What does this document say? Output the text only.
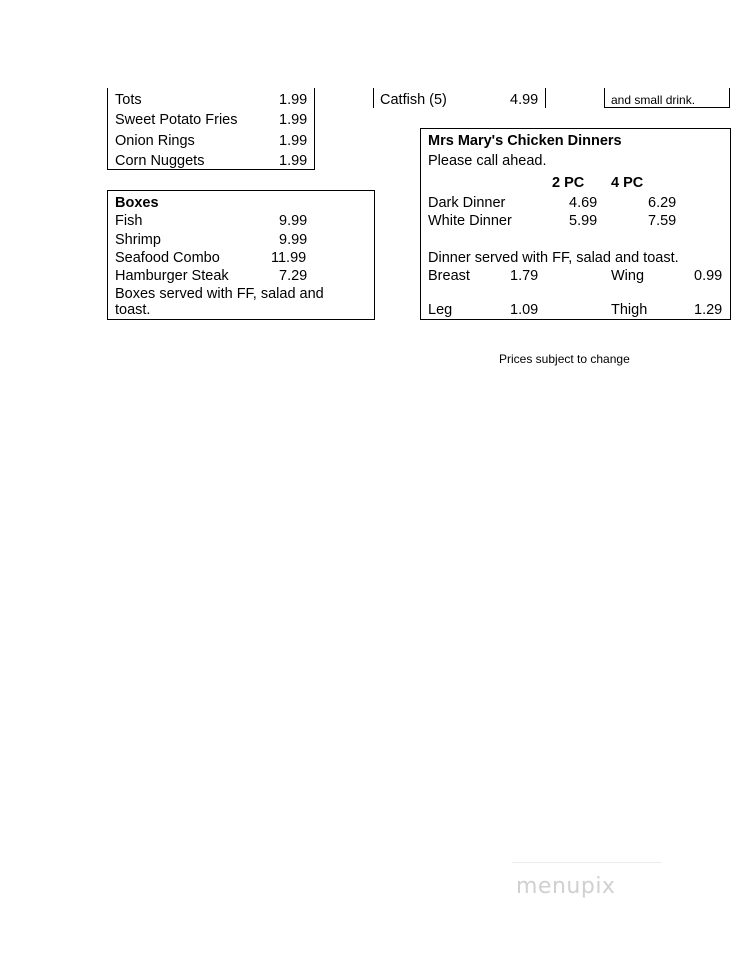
Tots	1.99
Sweet Potato Fries	1.99
Onion Rings	1.99
Corn Nuggets	1.99
Catfish (5)	4.99	and small drink.
Boxes
Fish	9.99
Shrimp	9.99
Seafood Combo	11.99
Hamburger Steak	7.29
Boxes served with FF, salad and
toast.
Mrs Mary's Chicken Dinners
Please call ahead.
2 PC 4 PC
Dark Dinner	4.69	6.29
White Dinner	5.99	7.59
Dinner served with FF, salad and toast.
Breast	1.79	Wing	0.99
Leg	1.09	Thigh	1.29
Prices subject to change
menupix
